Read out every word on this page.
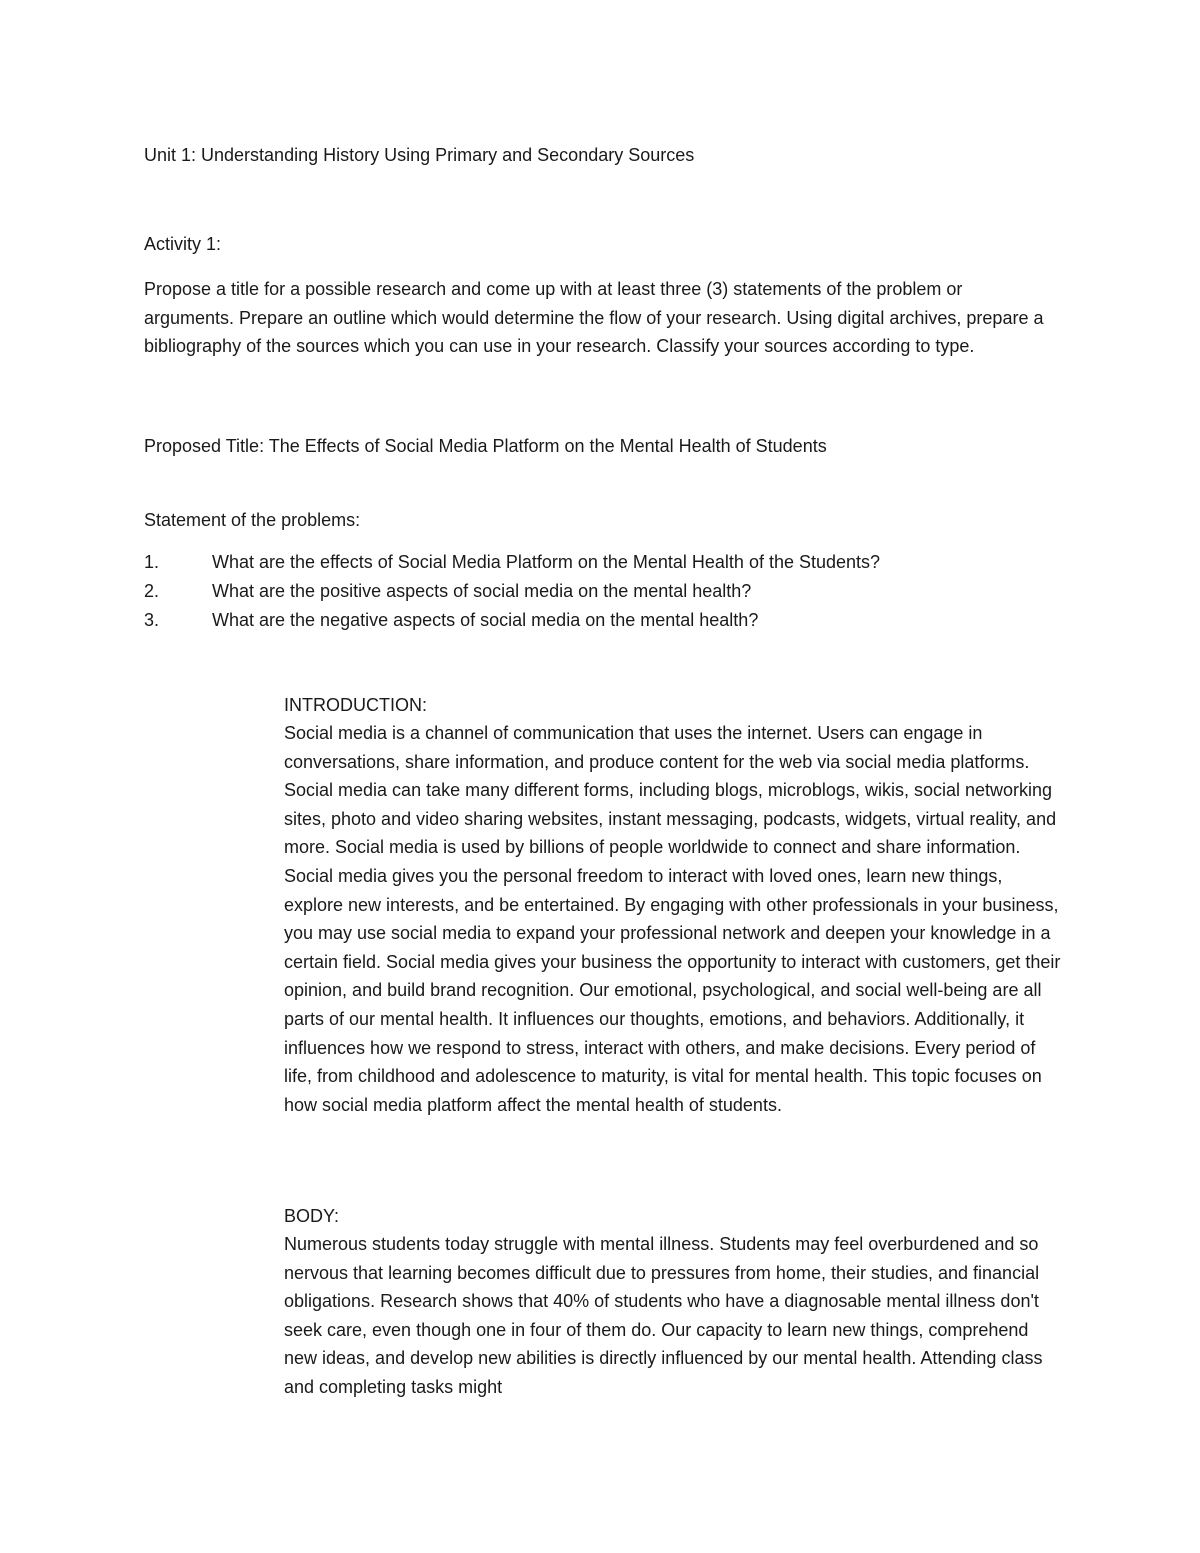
Unit 1: Understanding History Using Primary and Secondary Sources

Activity 1:

Propose a title for a possible research and come up with at least three (3) statements of the problem or arguments. Prepare an outline which would determine the flow of your research. Using digital archives, prepare a bibliography of the sources which you can use in your research. Classify your sources according to type.

Proposed Title: The Effects of Social Media Platform on the Mental Health of Students

Statement of the problems:

1.	What are the effects of Social Media Platform on the Mental Health of the Students?
2.	What are the positive aspects of social media on the mental health?
3.	What are the negative aspects of social media on the mental health?

INTRODUCTION:

Social media is a channel of communication that uses the internet. Users can engage in conversations, share information, and produce content for the web via social media platforms. Social media can take many different forms, including blogs, microblogs, wikis, social networking sites, photo and video sharing websites, instant messaging, podcasts, widgets, virtual reality, and more. Social media is used by billions of people worldwide to connect and share information. Social media gives you the personal freedom to interact with loved ones, learn new things, explore new interests, and be entertained. By engaging with other professionals in your business, you may use social media to expand your professional network and deepen your knowledge in a certain field. Social media gives your business the opportunity to interact with customers, get their opinion, and build brand recognition. Our emotional, psychological, and social well-being are all parts of our mental health. It influences our thoughts, emotions, and behaviors. Additionally, it influences how we respond to stress, interact with others, and make decisions. Every period of life, from childhood and adolescence to maturity, is vital for mental health. This topic focuses on how social media platform affect the mental health of students.

BODY:

Numerous students today struggle with mental illness. Students may feel overburdened and so nervous that learning becomes difficult due to pressures from home, their studies, and financial obligations. Research shows that 40% of students who have a diagnosable mental illness don't seek care, even though one in four of them do. Our capacity to learn new things, comprehend new ideas, and develop new abilities is directly influenced by our mental health. Attending class and completing tasks might
